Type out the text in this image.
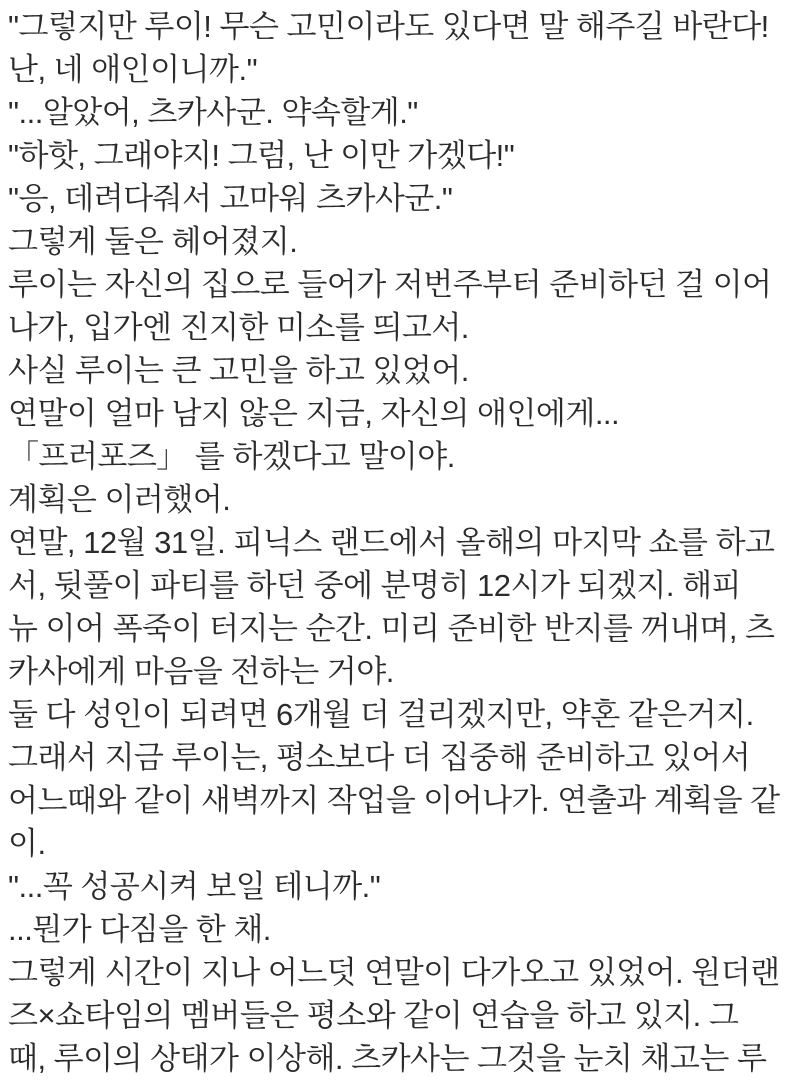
"그렇지만 루이! 무슨 고민이라도 있다면 말 해주길 바란다!
난, 네 애인이니까."
"...알았어, 츠카사군. 약속할게."
"하핫, 그래야지! 그럼, 난 이만 가겠다!"
"응, 데려다줘서 고마워 츠카사군."
그렇게 둘은 헤어졌지.
루이는 자신의 집으로 들어가 저번주부터 준비하던 걸 이어
나가, 입가엔 진지한 미소를 띄고서.
사실 루이는 큰 고민을 하고 있었어.
연말이 얼마 남지 않은 지금, 자신의 애인에게...
「프러포즈」 를 하겠다고 말이야.
계획은 이러했어.
연말, 12월 31일. 피닉스 랜드에서 올해의 마지막 쇼를 하고
서, 뒷풀이 파티를 하던 중에 분명히 12시가 되겠지. 해피
뉴 이어 폭죽이 터지는 순간. 미리 준비한 반지를 꺼내며, 츠
카사에게 마음을 전하는 거야.
둘 다 성인이 되려면 6개월 더 걸리겠지만, 약혼 같은거지.
그래서 지금 루이는, 평소보다 더 집중해 준비하고 있어서
어느때와 같이 새벽까지 작업을 이어나가. 연출과 계획을 같
이.
"...꼭 성공시켜 보일 테니까."
...뭔가 다짐을 한 채.
그렇게 시간이 지나 어느덧 연말이 다가오고 있었어. 원더랜
즈×쇼타임의 멤버들은 평소와 같이 연습을 하고 있지. 그
때, 루이의 상태가 이상해. 츠카사는 그것을 눈치 채고는 루
